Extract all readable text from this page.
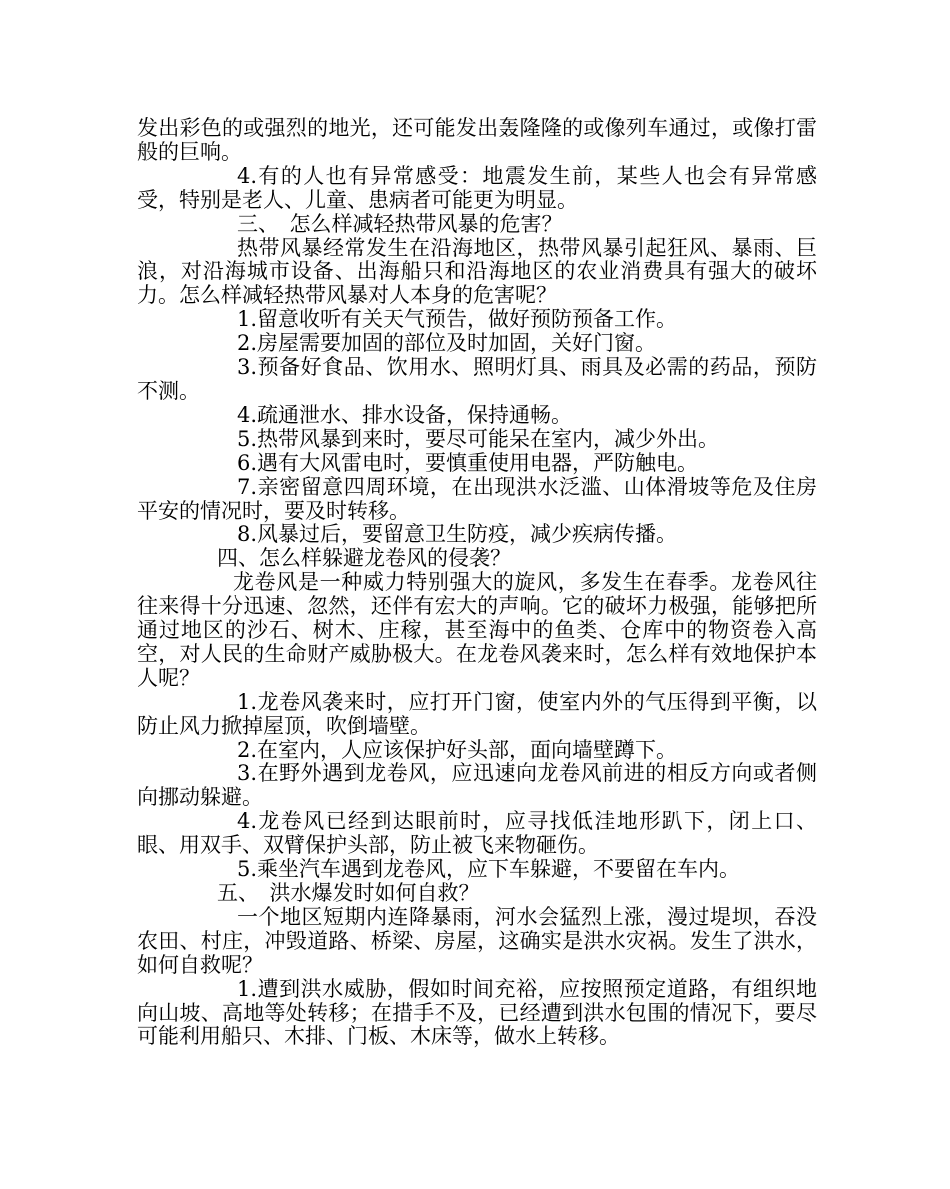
发出彩色的或强烈的地光，还可能发出轰隆隆的或像列车通过，或像打雷般的巨响。

4.有的人也有异常感受：地震发生前，某些人也会有异常感受，特别是老人、儿童、患病者可能更为明显。

三、　怎么样减轻热带风暴的危害？

热带风暴经常发生在沿海地区，热带风暴引起狂风、暴雨、巨浪，对沿海城市设备、出海船只和沿海地区的农业消费具有强大的破坏力。怎么样减轻热带风暴对人本身的危害呢？

1.留意收听有关天气预告，做好预防预备工作。

2.房屋需要加固的部位及时加固，关好门窗。

3.预备好食品、饮用水、照明灯具、雨具及必需的药品，预防不测。

4.疏通泄水、排水设备，保持通畅。

5.热带风暴到来时，要尽可能呆在室内，减少外出。

6.遇有大风雷电时，要慎重使用电器，严防触电。

7.亲密留意四周环境，在出现洪水泛滥、山体滑坡等危及住房平安的情况时，要及时转移。

8.风暴过后，要留意卫生防疫，减少疾病传播。

四、怎么样躲避龙卷风的侵袭？

龙卷风是一种威力特别强大的旋风，多发生在春季。龙卷风往往来得十分迅速、忽然，还伴有宏大的声响。它的破坏力极强，能够把所通过地区的沙石、树木、庄稼，甚至海中的鱼类、仓库中的物资卷入高空，对人民的生命财产威胁极大。在龙卷风袭来时，怎么样有效地保护本人呢？

1.龙卷风袭来时，应打开门窗，使室内外的气压得到平衡，以防止风力掀掉屋顶，吹倒墙壁。

2.在室内，人应该保护好头部，面向墙壁蹲下。

3.在野外遇到龙卷风，应迅速向龙卷风前进的相反方向或者侧向挪动躲避。

4.龙卷风已经到达眼前时，应寻找低洼地形趴下，闭上口、眼、用双手、双臂保护头部，防止被飞来物砸伤。

5.乘坐汽车遇到龙卷风，应下车躲避，不要留在车内。

五、　洪水爆发时如何自救？

一个地区短期内连降暴雨，河水会猛烈上涨，漫过堤坝，吞没农田、村庄，冲毁道路、桥梁、房屋，这确实是洪水灾祸。发生了洪水，如何自救呢？

1.遭到洪水威胁，假如时间充裕，应按照预定道路，有组织地向山坡、高地等处转移；在措手不及，已经遭到洪水包围的情况下，要尽可能利用船只、木排、门板、木床等，做水上转移。
